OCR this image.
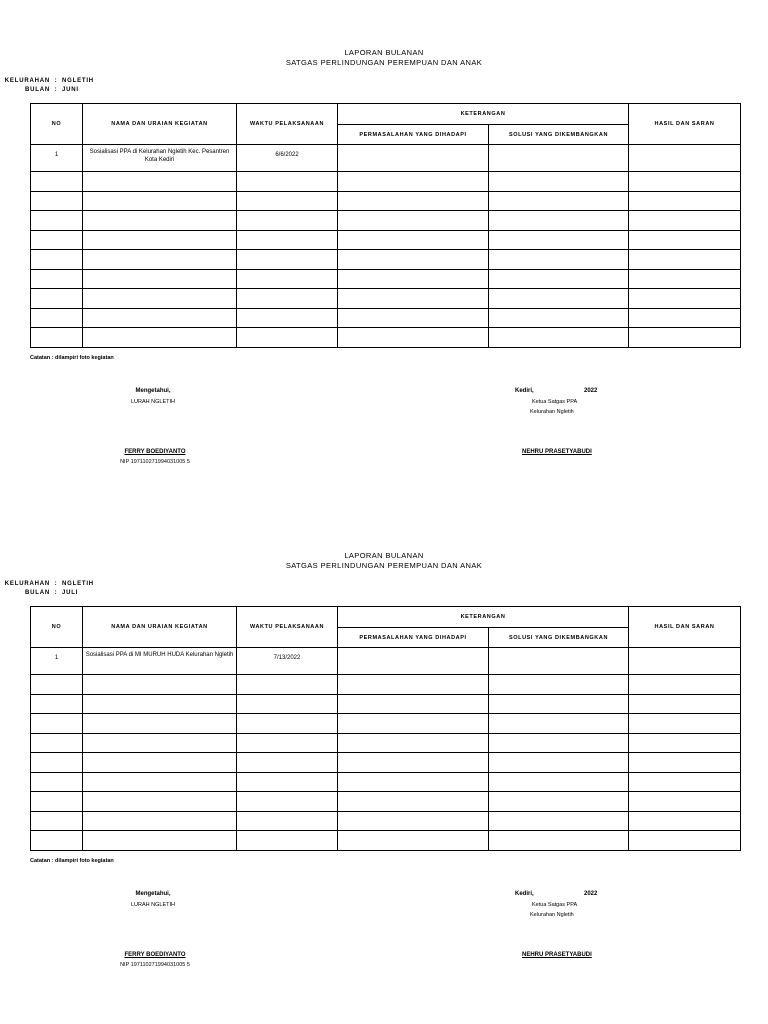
LAPORAN BULANAN
SATGAS PERLINDUNGAN PEREMPUAN DAN ANAK
KELURAHAN : NGLETIH
BULAN : JUNI
NO	NAMA DAN URAIAN KEGIATAN	WAKTU PELAKSANAAN	KETERANGAN		HASIL DAN SARAN
			PERMASALAHAN YANG DIHADAPI	SOLUSI YANG DIKEMBANGKAN	
1	Sosialisasi PPA di Kelurahan Ngletih Kec. Pesantren Kota Kediri	6/6/2022			

Catatan : dilampiri foto kegiatan
Mengetahui,
LURAH NGLETIH
FERRY BOEDIYANTO
NIP 197110271994031005 5
Kediri,	2022
Ketua Satgas PPA
Kelurahan Ngletih
NEHRU PRASETYABUDI
LAPORAN BULANAN
SATGAS PERLINDUNGAN PEREMPUAN DAN ANAK
KELURAHAN : NGLETIH
BULAN : JULI
NO	NAMA DAN URAIAN KEGIATAN	WAKTU PELAKSANAAN	KETERANGAN		HASIL DAN SARAN
			PERMASALAHAN YANG DIHADAPI	SOLUSI YANG DIKEMBANGKAN	
1	Sosialisasi PPA di MI MURUH HUDA Kelurahan Ngletih	7/13/2022			

Catatan : dilampiri foto kegiatan
Mengetahui,
LURAH NGLETIH
FERRY BOEDIYANTO
NIP 197110271994031005 5
Kediri,	2022
Ketua Satgas PPA
Kelurahan Ngletih
NEHRU PRASETYABUDI
